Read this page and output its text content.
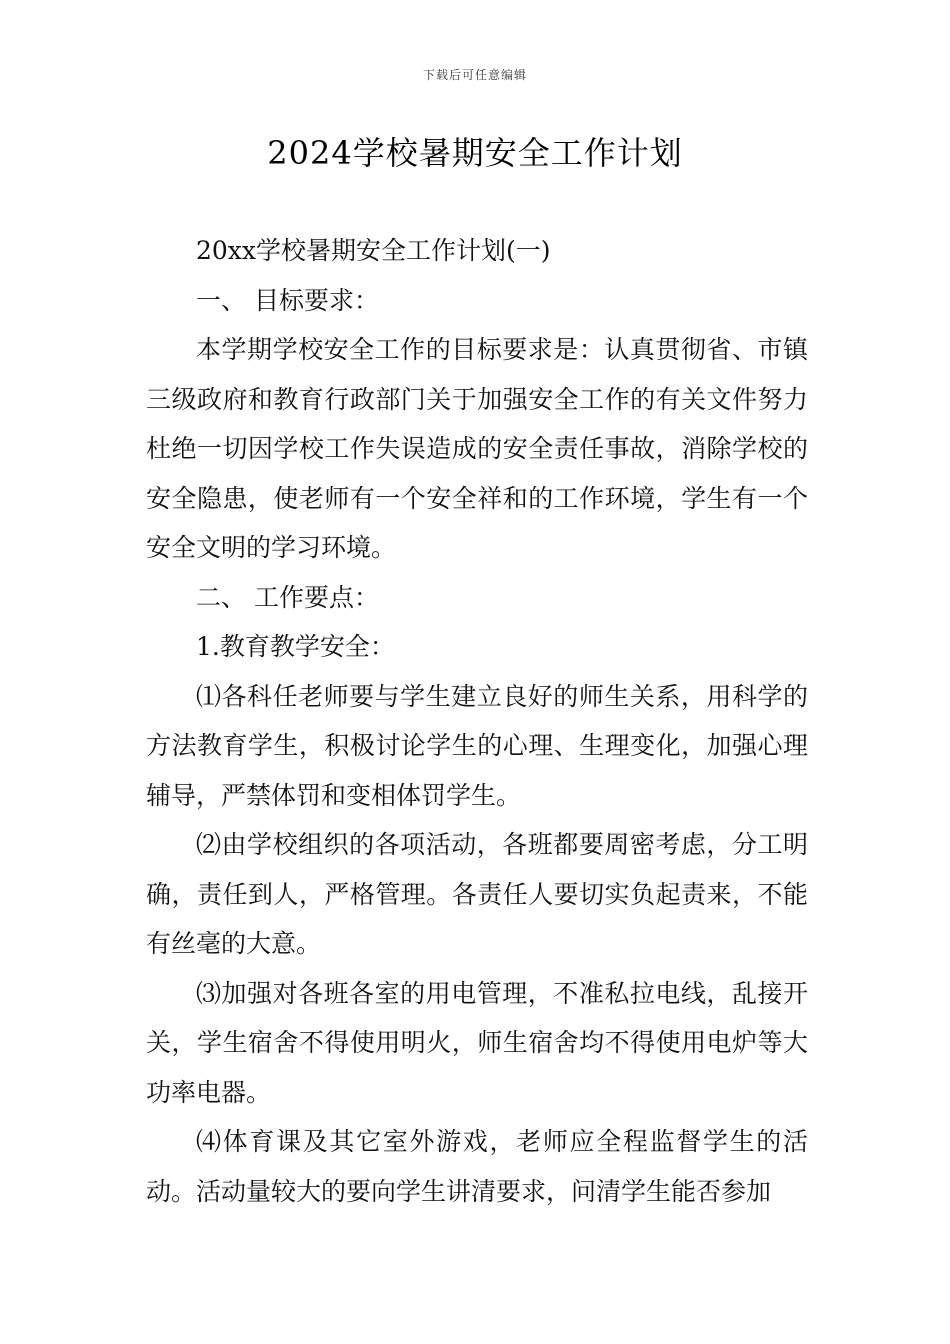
下载后可任意编辑
2024学校暑期安全工作计划

20xx学校暑期安全工作计划(一)

一、 目标要求：

本学期学校安全工作的目标要求是：认真贯彻省、市镇三级政府和教育行政部门关于加强安全工作的有关文件努力杜绝一切因学校工作失误造成的安全责任事故，消除学校的安全隐患，使老师有一个安全祥和的工作环境，学生有一个安全文明的学习环境。

二、 工作要点：

1.教育教学安全：

⑴各科任老师要与学生建立良好的师生关系，用科学的方法教育学生，积极讨论学生的心理、生理变化，加强心理辅导，严禁体罚和变相体罚学生。

⑵由学校组织的各项活动，各班都要周密考虑，分工明确，责任到人，严格管理。各责任人要切实负起责来，不能有丝毫的大意。

⑶加强对各班各室的用电管理，不准私拉电线，乱接开关，学生宿舍不得使用明火，师生宿舍均不得使用电炉等大功率电器。

⑷体育课及其它室外游戏，老师应全程监督学生的活动。活动量较大的要向学生讲清要求，问清学生能否参加
